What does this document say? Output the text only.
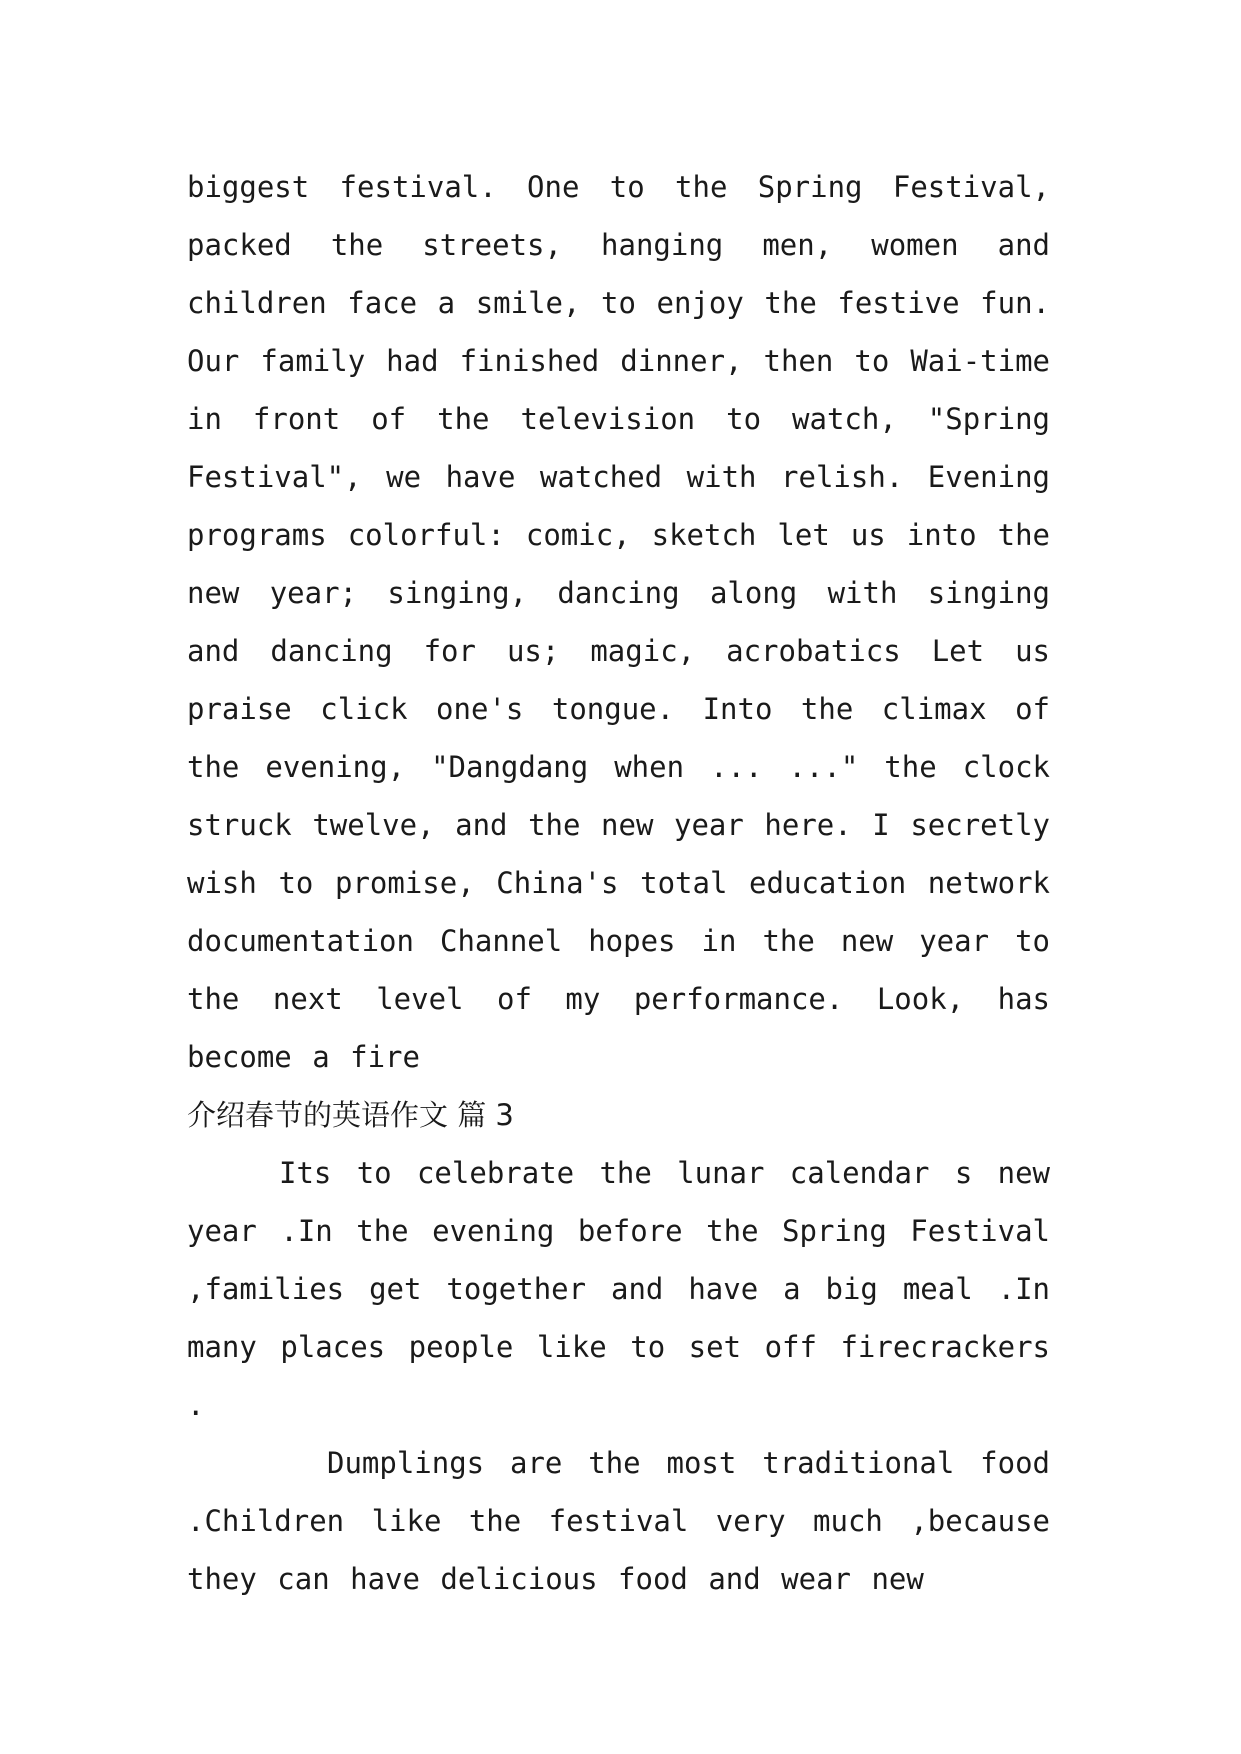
biggest festival. One to the Spring Festival, packed the streets, hanging men, women and children face a smile, to enjoy the festive fun. Our family had finished dinner, then to Wai-time in front of the television to watch, "Spring Festival", we have watched with relish. Evening programs colorful: comic, sketch let us into the new year; singing, dancing along with singing and dancing for us; magic, acrobatics Let us praise click one's tongue. Into the climax of the evening, "Dangdang when ... ..." the clock struck twelve, and the new year here. I secretly wish to promise, China's total education network documentation Channel hopes in the new year to the next level of my performance. Look, has become a fire

介绍春节的英语作文 篇 3

Its to celebrate the lunar calendar s new year .In the evening before the Spring Festival ,families get together and have a big meal .In many places people like to set off firecrackers .

Dumplings are the most traditional food .Children like the festival very much ,because they can have delicious food and wear new
